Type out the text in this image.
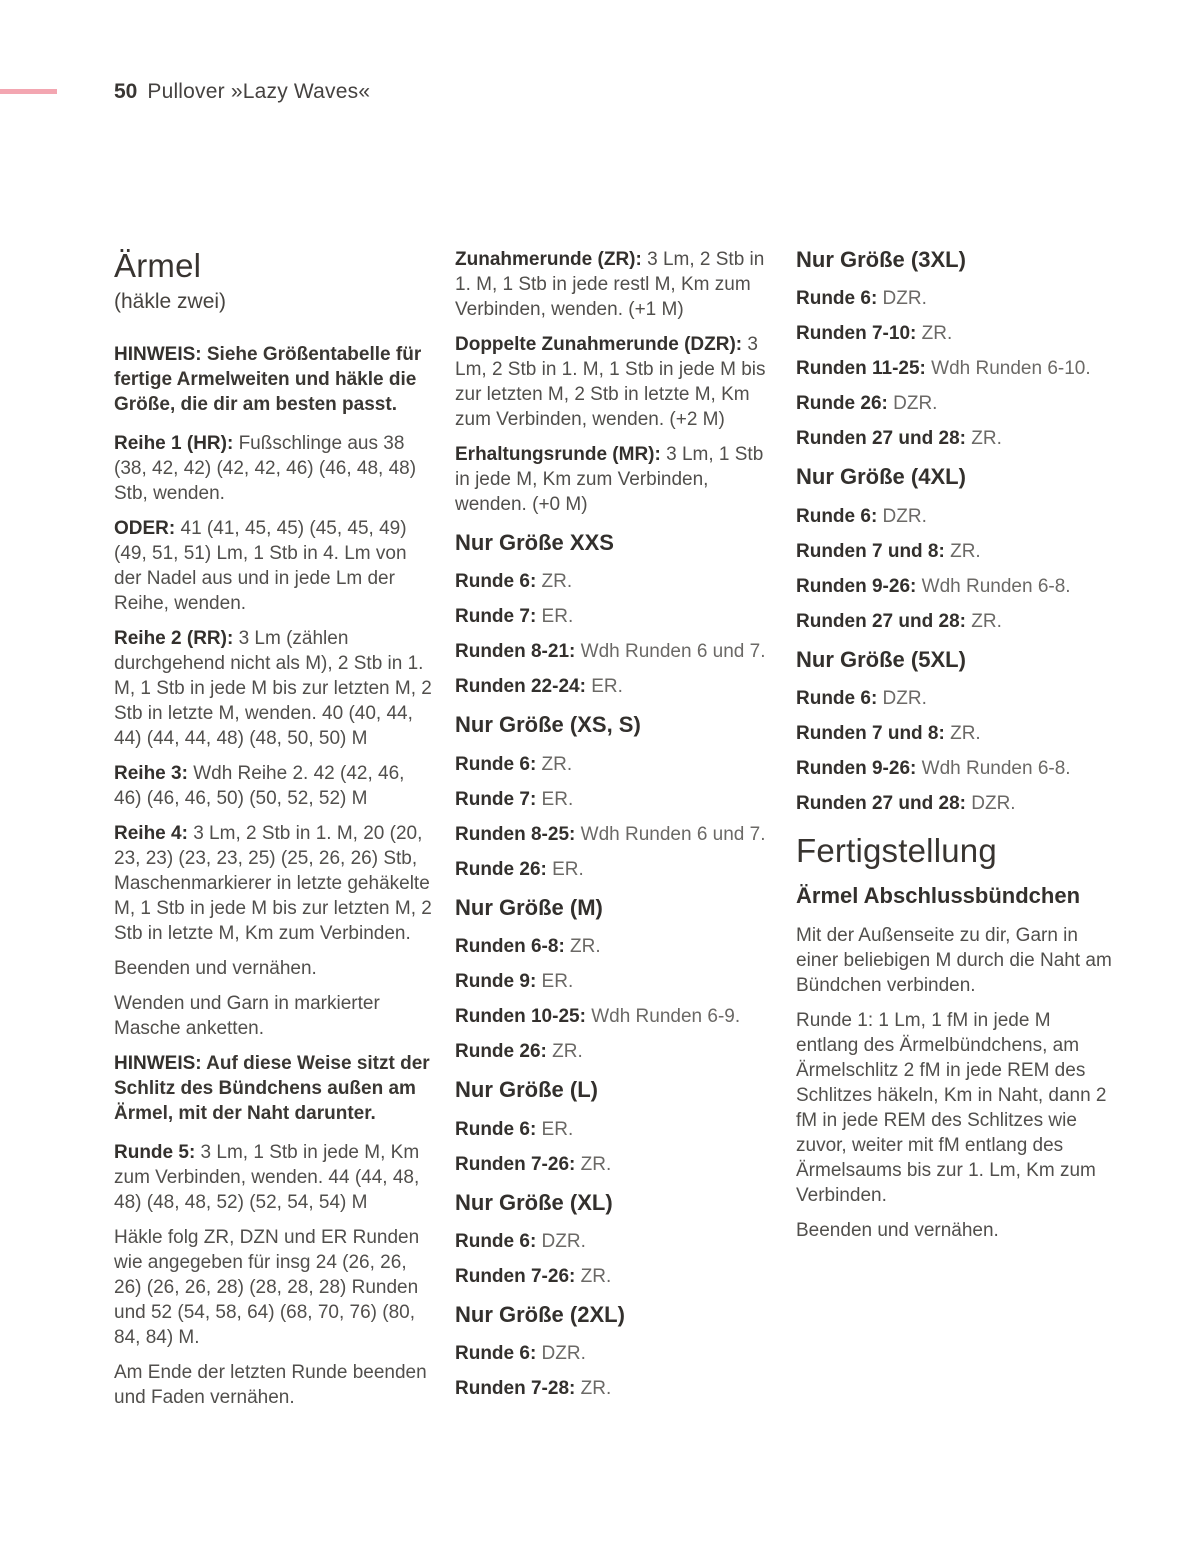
50 Pullover »Lazy Waves«
Ärmel

(häkle zwei)

HINWEIS: Siehe Größentabelle für fertige Armelweiten und häkle die Größe, die dir am besten passt.

Reihe 1 (HR): Fußschlinge aus 38 (38, 42, 42) (42, 42, 46) (46, 48, 48) Stb, wenden.

ODER: 41 (41, 45, 45) (45, 45, 49) (49, 51, 51) Lm, 1 Stb in 4. Lm von der Nadel aus und in jede Lm der Reihe, wenden.

Reihe 2 (RR): 3 Lm (zählen durchgehend nicht als M), 2 Stb in 1. M, 1 Stb in jede M bis zur letzten M, 2 Stb in letzte M, wenden. 40 (40, 44, 44) (44, 44, 48) (48, 50, 50) M

Reihe 3: Wdh Reihe 2. 42 (42, 46, 46) (46, 46, 50) (50, 52, 52) M

Reihe 4: 3 Lm, 2 Stb in 1. M, 20 (20, 23, 23) (23, 23, 25) (25, 26, 26) Stb, Maschenmarkierer in letzte gehäkelte M, 1 Stb in jede M bis zur letzten M, 2 Stb in letzte M, Km zum Verbinden.

Beenden und vernähen.

Wenden und Garn in markierter Masche anketten.

HINWEIS: Auf diese Weise sitzt der Schlitz des Bündchens außen am Ärmel, mit der Naht darunter.

Runde 5: 3 Lm, 1 Stb in jede M, Km zum Verbinden, wenden. 44 (44, 48, 48) (48, 48, 52) (52, 54, 54) M

Häkle folg ZR, DZN und ER Runden wie angegeben für insg 24 (26, 26, 26) (26, 26, 28) (28, 28, 28) Runden und 52 (54, 58, 64) (68, 70, 76) (80, 84, 84) M.

Am Ende der letzten Runde beenden und Faden vernähen.

Zunahmerunde (ZR): 3 Lm, 2 Stb in 1. M, 1 Stb in jede restl M, Km zum Verbinden, wenden. (+1 M)

Doppelte Zunahmerunde (DZR): 3 Lm, 2 Stb in 1. M, 1 Stb in jede M bis zur letzten M, 2 Stb in letzte M, Km zum Verbinden, wenden. (+2 M)

Erhaltungsrunde (MR): 3 Lm, 1 Stb in jede M, Km zum Verbinden, wenden. (+0 M)

Nur Größe XXS

Runde 6: ZR.

Runde 7: ER.

Runden 8-21: Wdh Runden 6 und 7.

Runden 22-24: ER.

Nur Größe (XS, S)

Runde 6: ZR.

Runde 7: ER.

Runden 8-25: Wdh Runden 6 und 7.

Runde 26: ER.

Nur Größe (M)

Runden 6-8: ZR.

Runde 9: ER.

Runden 10-25: Wdh Runden 6-9.

Runde 26: ZR.

Nur Größe (L)

Runde 6: ER.

Runden 7-26: ZR.

Nur Größe (XL)

Runde 6: DZR.

Runden 7-26: ZR.

Nur Größe (2XL)

Runde 6: DZR.

Runden 7-28: ZR.

Nur Größe (3XL)

Runde 6: DZR.

Runden 7-10: ZR.

Runden 11-25: Wdh Runden 6-10.

Runde 26: DZR.

Runden 27 und 28: ZR.

Nur Größe (4XL)

Runde 6: DZR.

Runden 7 und 8: ZR.

Runden 9-26: Wdh Runden 6-8.

Runden 27 und 28: ZR.

Nur Größe (5XL)

Runde 6: DZR.

Runden 7 und 8: ZR.

Runden 9-26: Wdh Runden 6-8.

Runden 27 und 28: DZR.

Fertigstellung
Ärmel Abschlussbündchen

Mit der Außenseite zu dir, Garn in einer beliebigen M durch die Naht am Bündchen verbinden.

Runde 1: 1 Lm, 1 fM in jede M entlang des Ärmelbündchens, am Ärmelschlitz 2 fM in jede REM des Schlitzes häkeln, Km in Naht, dann 2 fM in jede REM des Schlitzes wie zuvor, weiter mit fM entlang des Ärmelsaums bis zur 1. Lm, Km zum Verbinden.

Beenden und vernähen.
